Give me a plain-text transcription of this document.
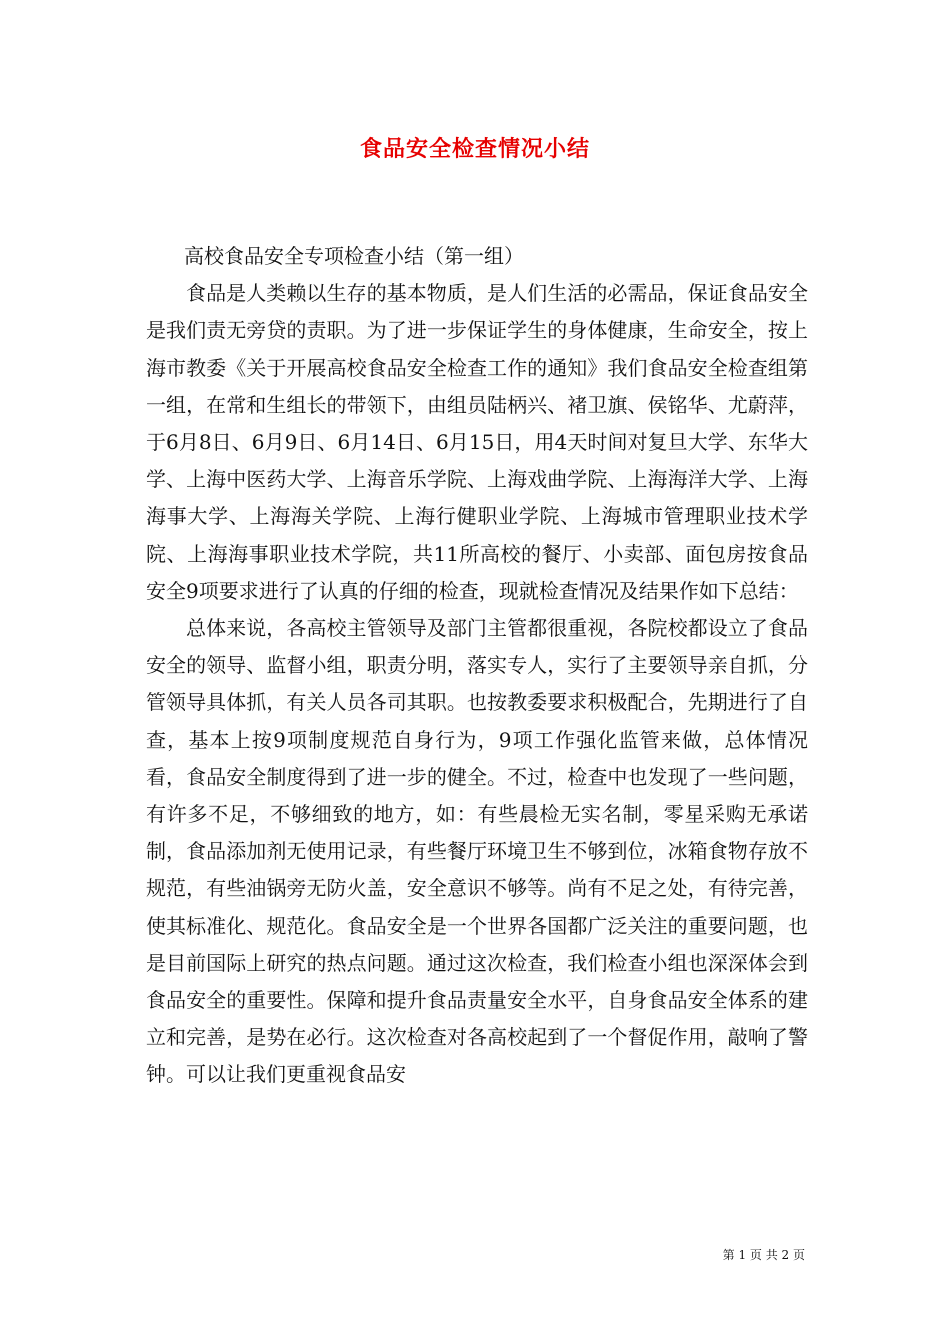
食品安全检查情况小结

高校食品安全专项检查小结（第一组）

食品是人类赖以生存的基本物质，是人们生活的必需品，保证食品安全是我们责无旁贷的责职。为了进一步保证学生的身体健康，生命安全，按上海市教委《关于开展高校食品安全检查工作的通知》我们食品安全检查组第一组，在常和生组长的带领下，由组员陆柄兴、褚卫旗、侯铭华、尤蔚萍，于6月8日、6月9日、6月14日、6月15日，用4天时间对复旦大学、东华大学、上海中医药大学、上海音乐学院、上海戏曲学院、上海海洋大学、上海海事大学、上海海关学院、上海行健职业学院、上海城市管理职业技术学院、上海海事职业技术学院，共11所高校的餐厅、小卖部、面包房按食品安全9项要求进行了认真的仔细的检查，现就检查情况及结果作如下总结：

总体来说，各高校主管领导及部门主管都很重视，各院校都设立了食品安全的领导、监督小组，职责分明，落实专人，实行了主要领导亲自抓，分管领导具体抓，有关人员各司其职。也按教委要求积极配合，先期进行了自查，基本上按9项制度规范自身行为，9项工作强化监管来做，总体情况看，食品安全制度得到了进一步的健全。不过，检查中也发现了一些问题，有许多不足，不够细致的地方，如：有些晨检无实名制，零星采购无承诺制，食品添加剂无使用记录，有些餐厅环境卫生不够到位，冰箱食物存放不规范，有些油锅旁无防火盖，安全意识不够等。尚有不足之处，有待完善，使其标准化、规范化。食品安全是一个世界各国都广泛关注的重要问题，也是目前国际上研究的热点问题。通过这次检查，我们检查小组也深深体会到食品安全的重要性。保障和提升食品责量安全水平，自身食品安全体系的建立和完善，是势在必行。这次检查对各高校起到了一个督促作用，敲响了警钟。可以让我们更重视食品安

第 1 页 共 2 页
